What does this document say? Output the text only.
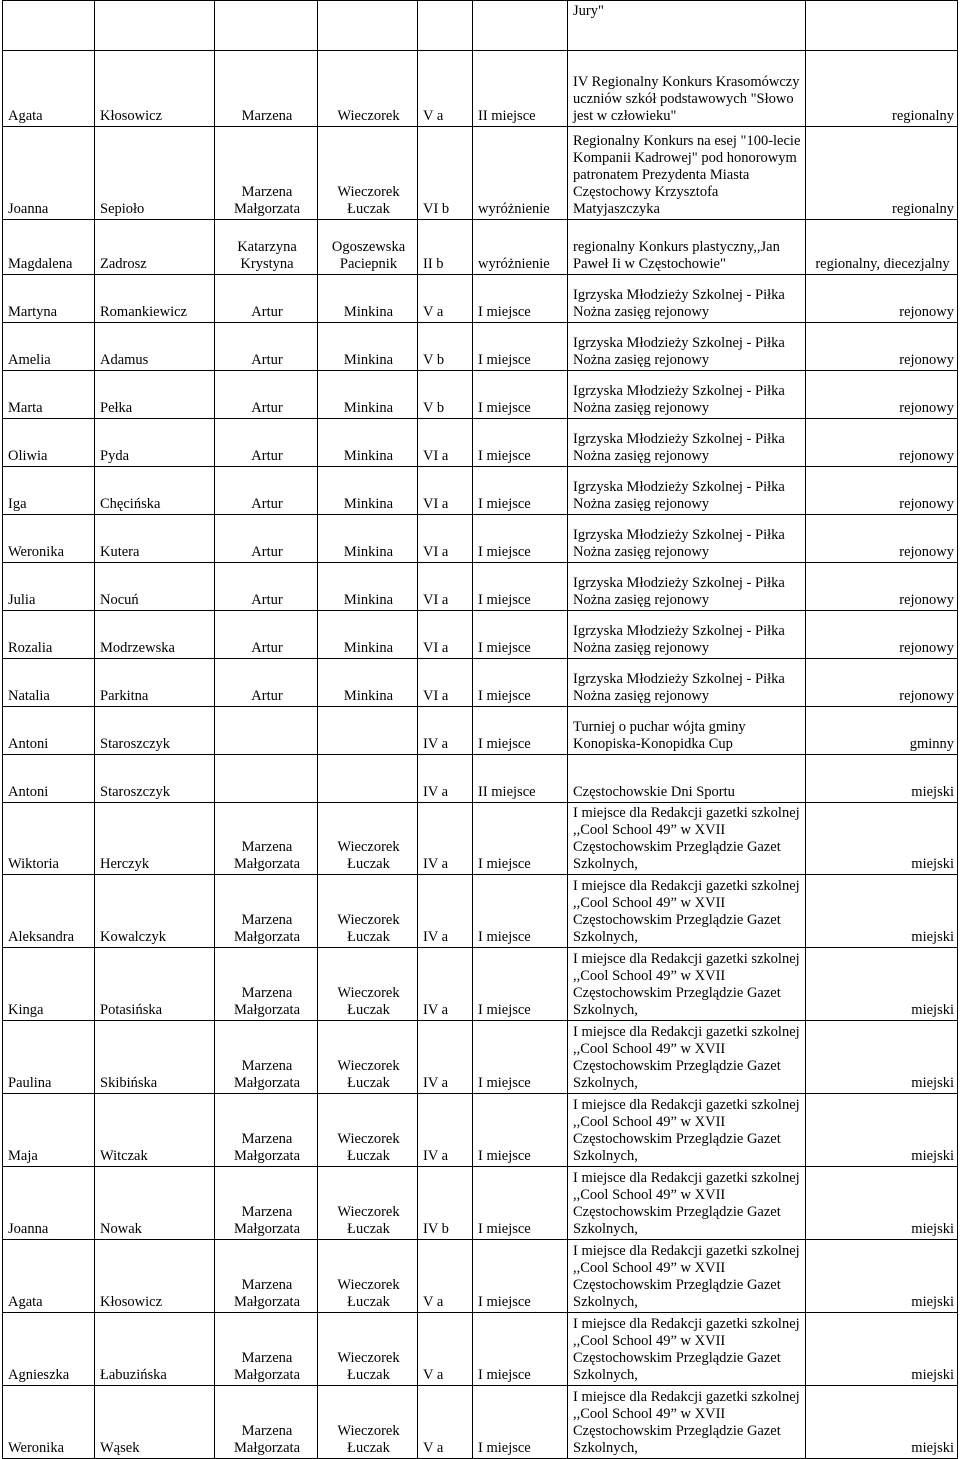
						Jury"	
Agata	Kłosowicz	Marzena	Wieczorek	V a	II miejsce	IV Regionalny Konkurs Krasomówczy uczniów szkół podstawowych "Słowo jest w człowieku"	regionalny
Joanna	Sepioło	Marzena Małgorzata	Wieczorek Łuczak	VI b	wyróżnienie	Regionalny Konkurs na esej "100-lecie Kompanii Kadrowej" pod honorowym patronatem Prezydenta Miasta Częstochowy Krzysztofa Matyjaszczyka	regionalny
Magdalena	Zadrosz	Katarzyna Krystyna	Ogoszewska Paciepnik	II b	wyróżnienie	regionalny Konkurs plastyczny,,Jan Paweł Ii w Częstochowie"	regionalny, diecezjalny
Martyna	Romankiewicz	Artur	Minkina	V a	I miejsce	Igrzyska Młodzieży Szkolnej - Piłka Nożna zasięg rejonowy	rejonowy
Amelia	Adamus	Artur	Minkina	V b	I miejsce	Igrzyska Młodzieży Szkolnej - Piłka Nożna zasięg rejonowy	rejonowy
Marta	Pełka	Artur	Minkina	V b	I miejsce	Igrzyska Młodzieży Szkolnej - Piłka Nożna zasięg rejonowy	rejonowy
Oliwia	Pyda	Artur	Minkina	VI a	I miejsce	Igrzyska Młodzieży Szkolnej - Piłka Nożna zasięg rejonowy	rejonowy
Iga	Chęcińska	Artur	Minkina	VI a	I miejsce	Igrzyska Młodzieży Szkolnej - Piłka Nożna zasięg rejonowy	rejonowy
Weronika	Kutera	Artur	Minkina	VI a	I miejsce	Igrzyska Młodzieży Szkolnej - Piłka Nożna zasięg rejonowy	rejonowy
Julia	Nocuń	Artur	Minkina	VI a	I miejsce	Igrzyska Młodzieży Szkolnej - Piłka Nożna zasięg rejonowy	rejonowy
Rozalia	Modrzewska	Artur	Minkina	VI a	I miejsce	Igrzyska Młodzieży Szkolnej - Piłka Nożna zasięg rejonowy	rejonowy
Natalia	Parkitna	Artur	Minkina	VI a	I miejsce	Igrzyska Młodzieży Szkolnej - Piłka Nożna zasięg rejonowy	rejonowy
Antoni	Staroszczyk			IV a	I miejsce	Turniej o puchar wójta gminy Konopiska-Konopidka Cup	gminny
Antoni	Staroszczyk			IV a	II miejsce	Częstochowskie Dni Sportu	miejski
Wiktoria	Herczyk	Marzena Małgorzata	Wieczorek Łuczak	IV a	I miejsce	I miejsce dla Redakcji gazetki szkolnej ,,Cool School 49” w XVII Częstochowskim Przeglądzie Gazet Szkolnych,	miejski
Aleksandra	Kowalczyk	Marzena Małgorzata	Wieczorek Łuczak	IV a	I miejsce	I miejsce dla Redakcji gazetki szkolnej ,,Cool School 49” w XVII Częstochowskim Przeglądzie Gazet Szkolnych,	miejski
Kinga	Potasińska	Marzena Małgorzata	Wieczorek Łuczak	IV a	I miejsce	I miejsce dla Redakcji gazetki szkolnej ,,Cool School 49” w XVII Częstochowskim Przeglądzie Gazet Szkolnych,	miejski
Paulina	Skibińska	Marzena Małgorzata	Wieczorek Łuczak	IV a	I miejsce	I miejsce dla Redakcji gazetki szkolnej ,,Cool School 49” w XVII Częstochowskim Przeglądzie Gazet Szkolnych,	miejski
Maja	Witczak	Marzena Małgorzata	Wieczorek Łuczak	IV a	I miejsce	I miejsce dla Redakcji gazetki szkolnej ,,Cool School 49” w XVII Częstochowskim Przeglądzie Gazet Szkolnych,	miejski
Joanna	Nowak	Marzena Małgorzata	Wieczorek Łuczak	IV b	I miejsce	I miejsce dla Redakcji gazetki szkolnej ,,Cool School 49” w XVII Częstochowskim Przeglądzie Gazet Szkolnych,	miejski
Agata	Kłosowicz	Marzena Małgorzata	Wieczorek Łuczak	V a	I miejsce	I miejsce dla Redakcji gazetki szkolnej ,,Cool School 49” w XVII Częstochowskim Przeglądzie Gazet Szkolnych,	miejski
Agnieszka	Łabuzińska	Marzena Małgorzata	Wieczorek Łuczak	V a	I miejsce	I miejsce dla Redakcji gazetki szkolnej ,,Cool School 49” w XVII Częstochowskim Przeglądzie Gazet Szkolnych,	miejski
Weronika	Wąsek	Marzena Małgorzata	Wieczorek Łuczak	V a	I miejsce	I miejsce dla Redakcji gazetki szkolnej ,,Cool School 49” w XVII Częstochowskim Przeglądzie Gazet Szkolnych,	miejski
